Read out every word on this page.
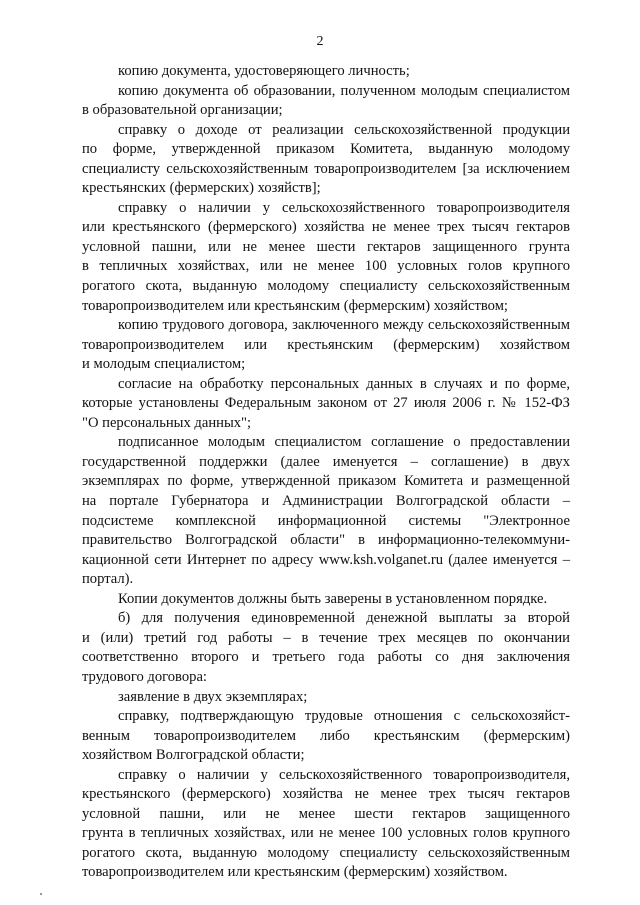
2
копию документа, удостоверяющего личность;
копию документа об образовании, полученном молодым специалистом
в образовательной организации;
справку о доходе от реализации сельскохозяйственной продукции
по форме, утвержденной приказом Комитета, выданную молодому
специалисту сельскохозяйственным товаропроизводителем [за исключением
крестьянских (фермерских) хозяйств];
справку о наличии у сельскохозяйственного товаропроизводителя
или крестьянского (фермерского) хозяйства не менее трех тысяч гектаров
условной пашни, или не менее шести гектаров защищенного грунта
в тепличных хозяйствах, или не менее 100 условных голов крупного
рогатого скота, выданную молодому специалисту сельскохозяйственным
товаропроизводителем или крестьянским (фермерским) хозяйством;
копию трудового договора, заключенного между сельскохозяйственным
товаропроизводителем или крестьянским (фермерским) хозяйством
и молодым специалистом;
согласие на обработку персональных данных в случаях и по форме,
которые установлены Федеральным законом от 27 июля 2006 г. № 152-ФЗ
"О персональных данных";
подписанное молодым специалистом соглашение о предоставлении
государственной поддержки (далее именуется – соглашение) в двух
экземплярах по форме, утвержденной приказом Комитета и размещенной
на портале Губернатора и Администрации Волгоградской области –
подсистеме комплексной информационной системы "Электронное
правительство Волгоградской области" в информационно-телекоммуни-
кационной сети Интернет по адресу www.ksh.volganet.ru (далее именуется –
портал).
Копии документов должны быть заверены в установленном порядке.
б) для получения единовременной денежной выплаты за второй
и (или) третий год работы – в течение трех месяцев по окончании
соответственно второго и третьего года работы со дня заключения
трудового договора:
заявление в двух экземплярах;
справку, подтверждающую трудовые отношения с сельскохозяйст-
венным товаропроизводителем либо крестьянским (фермерским)
хозяйством Волгоградской области;
справку о наличии у сельскохозяйственного товаропроизводителя,
крестьянского (фермерского) хозяйства не менее трех тысяч гектаров
условной пашни, или не менее шести гектаров защищенного
грунта в тепличных хозяйствах, или не менее 100 условных голов крупного
рогатого скота, выданную молодому специалисту сельскохозяйственным
товаропроизводителем или крестьянским (фермерским) хозяйством.
